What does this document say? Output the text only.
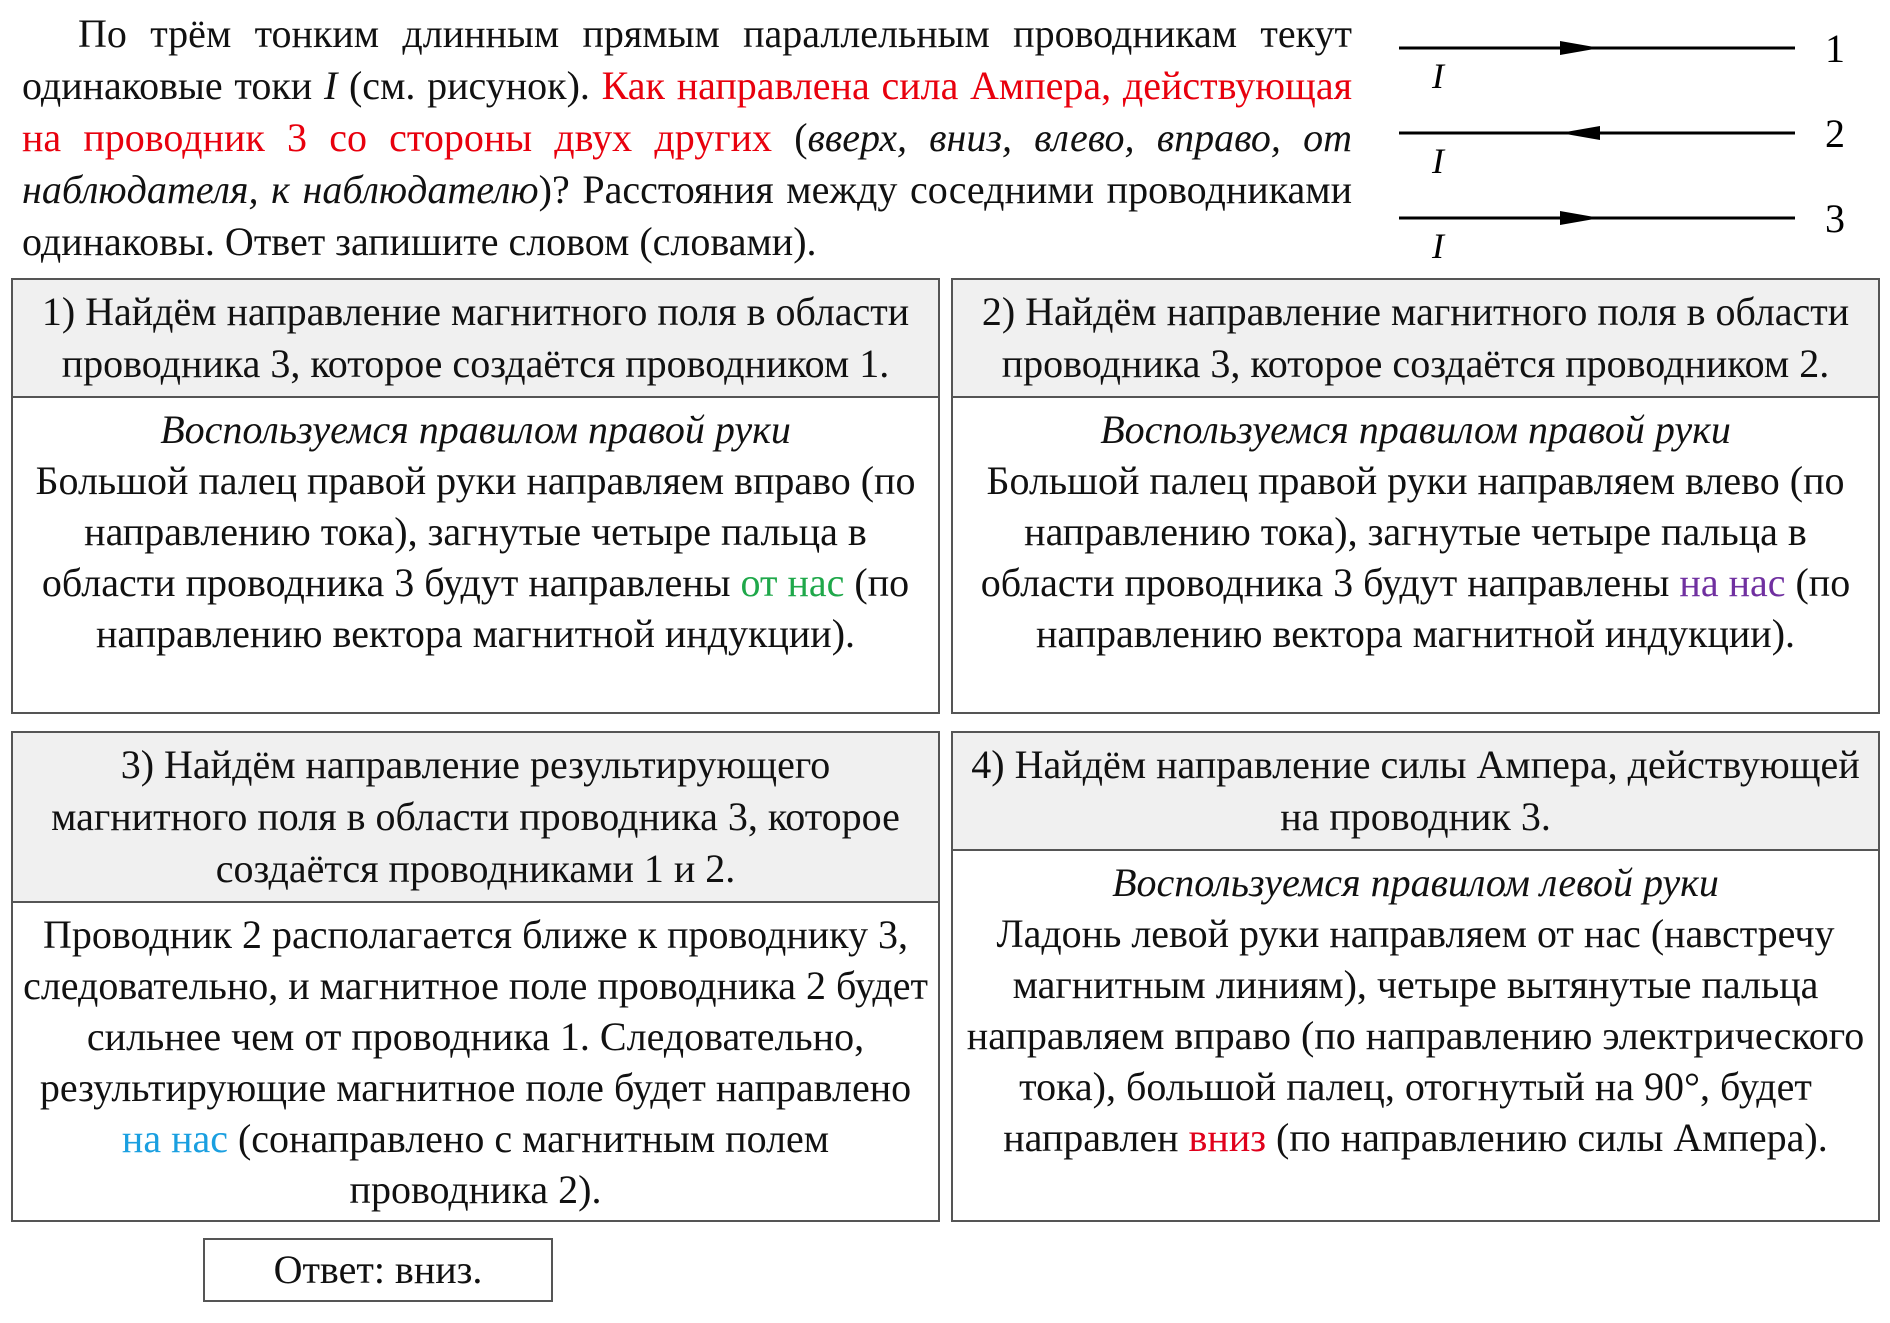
По трём тонким длинным прямым параллельным проводникам текут одинаковые токи I (см. рисунок). Как направлена сила Ампера, действующая на проводник 3 со стороны двух других (вверх, вниз, влево, вправо, от наблюдателя, к наблюдателю)? Расстояния между соседними проводниками одинаковы. Ответ запишите словом (словами).
I
1
I
2
I
3
1) Найдём направление магнитного поля в области проводника 3, которое создаётся проводником 1.
Воспользуемся правилом правой руки
Большой палец правой руки направляем вправо (по направлению тока), загнутые четыре пальца в области проводника 3 будут направлены от нас (по направлению вектора магнитной индукции).
2) Найдём направление магнитного поля в области проводника 3, которое создаётся проводником 2.
Воспользуемся правилом правой руки
Большой палец правой руки направляем влево (по направлению тока), загнутые четыре пальца в области проводника 3 будут направлены на нас (по направлению вектора магнитной индукции).
3) Найдём направление результирующего магнитного поля в области проводника 3, которое создаётся проводниками 1 и 2.
Проводник 2 располагается ближе к проводнику 3, следовательно, и магнитное поле проводника 2 будет сильнее чем от проводника 1. Следовательно, результирующие магнитное поле будет направлено на нас (сонаправлено с магнитным полем проводника 2).
4) Найдём направление силы Ампера, действующей на проводник 3.
Воспользуемся правилом левой руки
Ладонь левой руки направляем от нас (навстречу магнитным линиям), четыре вытянутые пальца направляем вправо (по направлению электрического тока), большой палец, отогнутый на 90°, будет направлен вниз (по направлению силы Ампера).
Ответ: вниз.
